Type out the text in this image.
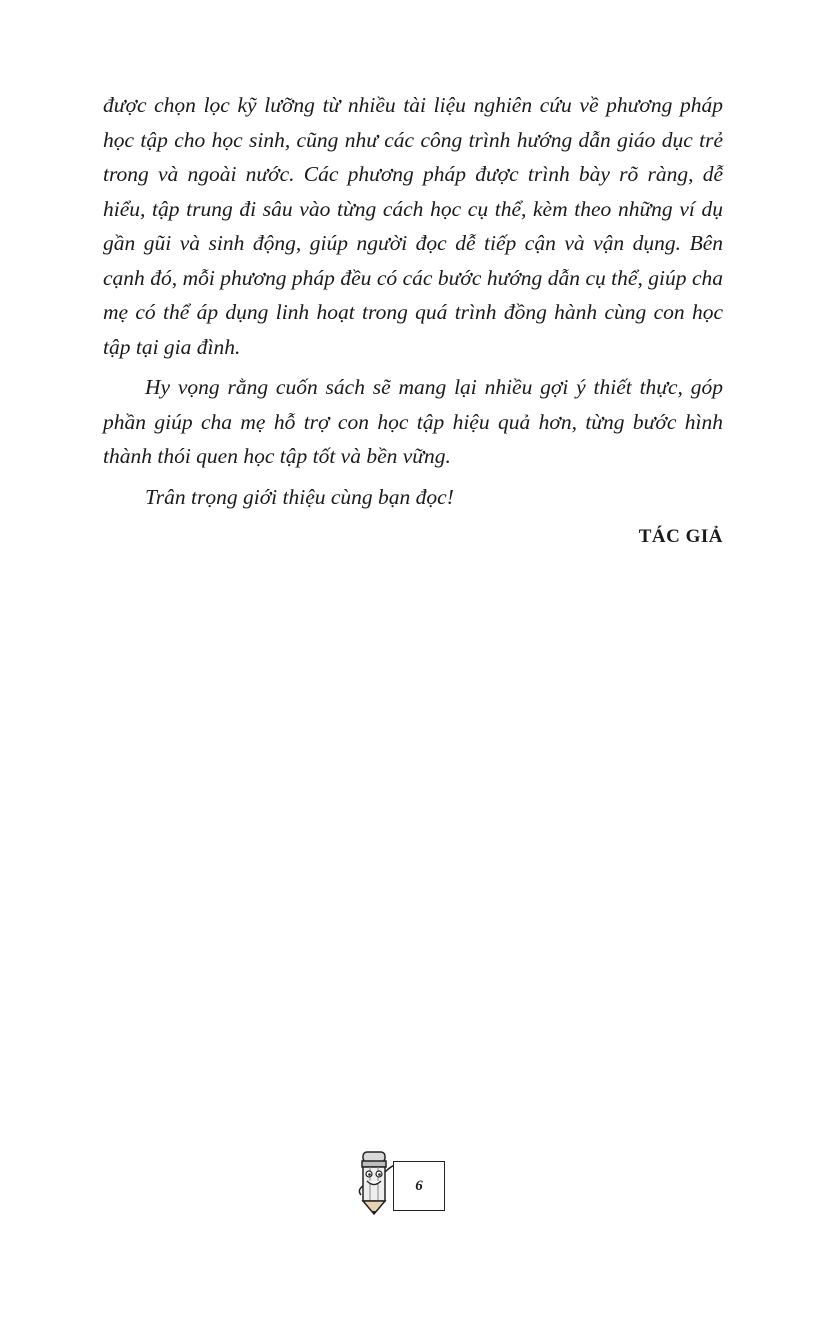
được chọn lọc kỹ lưỡng từ nhiều tài liệu nghiên cứu về phương pháp học tập cho học sinh, cũng như các công trình hướng dẫn giáo dục trẻ trong và ngoài nước. Các phương pháp được trình bày rõ ràng, dễ hiểu, tập trung đi sâu vào từng cách học cụ thể, kèm theo những ví dụ gần gũi và sinh động, giúp người đọc dễ tiếp cận và vận dụng. Bên cạnh đó, mỗi phương pháp đều có các bước hướng dẫn cụ thể, giúp cha mẹ có thể áp dụng linh hoạt trong quá trình đồng hành cùng con học tập tại gia đình.

Hy vọng rằng cuốn sách sẽ mang lại nhiều gợi ý thiết thực, góp phần giúp cha mẹ hỗ trợ con học tập hiệu quả hơn, từng bước hình thành thói quen học tập tốt và bền vững.

Trân trọng giới thiệu cùng bạn đọc!

TÁC GIẢ

6
